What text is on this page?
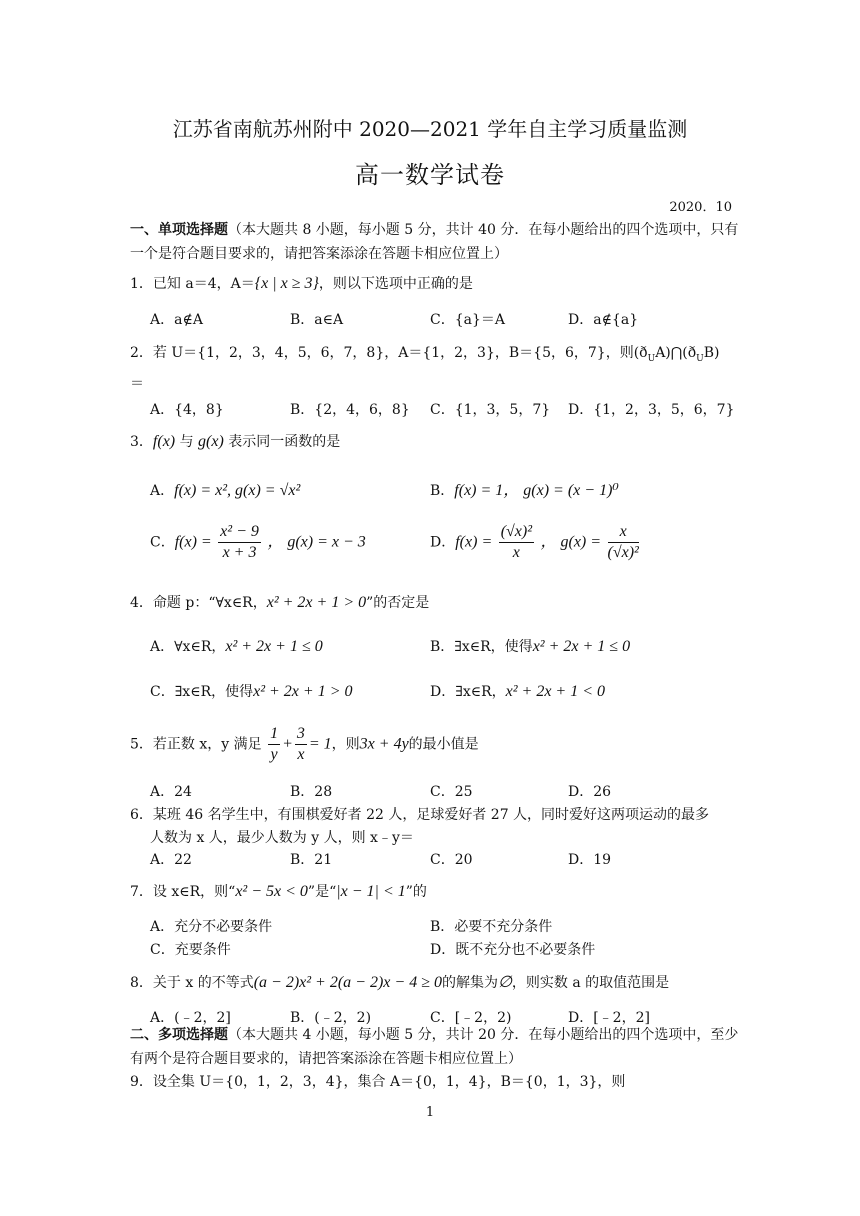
江苏省南航苏州附中 2020—2021 学年自主学习质量监测
高一数学试卷
2020．10
一、单项选择题（本大题共 8 小题，每小题 5 分，共计 40 分．在每小题给出的四个选项中，只有一个是符合题目要求的，请把答案添涂在答题卡相应位置上）
1．已知 a＝4，A＝{x | x ≥ 3}，则以下选项中正确的是
A．a∉A	B．a∈A	C．{a}＝A	D．a∉{a}
2．若 U＝{1，2，3，4，5，6，7，8}，A＝{1，2，3}，B＝{5，6，7}，则$(ð_UA)⋂(ð_UB)$
＝
A．{4，8}	B．{2，4，6，8} C．{1，3，5，7} D．{1，2，3，5，6，7}
3．f(x) 与 g(x) 表示同一函数的是
A．f(x) = x², g(x) = √x²	B．f(x) = 1， g(x) = (x − 1)⁰
C．$f(x) = \frac{\text{x² − 9}}{x + 3}$ ， g(x) = x − 3	D．$f(x) = \frac{\text{(√x)²}}{x}$ ， $g(x) = \frac{x}{\text{(√x)²}}$
4．命题 p：“∀x∈R，x² + 2x + 1 > 0”的否定是
A．∀x∈R，x² + 2x + 1 ≤ 0	B．∃x∈R，使得x² + 2x + 1 ≤ 0
C．∃x∈R，使得x² + 2x + 1 > 0	D．∃x∈R，x² + 2x + 1 < 0
5．若正数 x，y 满足 $\frac{1}{y} + \frac{3}{x} = 1$，则3x + 4y的最小值是
A．24	B．28	C．25	D．26
6．某班 46 名学生中，有围棋爱好者 22 人，足球爱好者 27 人，同时爱好这两项运动的最多
人数为 x 人，最少人数为 y 人，则 x﹣y＝
A．22	B．21	C．20	D．19
7．设 x∈R，则“x² − 5x < 0”是“|x − 1| < 1”的
A．充分不必要条件	B．必要不充分条件
C．充要条件	D．既不充分也不必要条件
8．关于 x 的不等式(a − 2)x² + 2(a − 2)x − 4 ≥ 0的解集为∅，则实数 a 的取值范围是
A．(﹣2，2]	B．(﹣2，2)	C．[﹣2，2)	D．[﹣2，2]
二、多项选择题（本大题共 4 小题，每小题 5 分，共计 20 分．在每小题给出的四个选项中，至少有两个是符合题目要求的，请把答案添涂在答题卡相应位置上）
9．设全集 U＝{0，1，2，3，4}，集合 A＝{0，1，4}，B＝{0，1，3}，则
1
